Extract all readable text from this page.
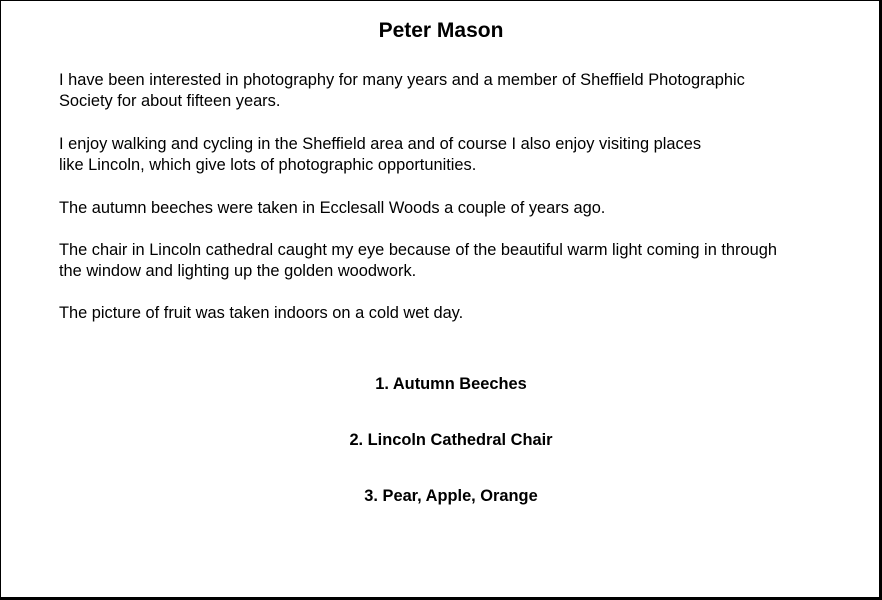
Peter Mason

I have been interested in photography for many years and a member of Sheffield Photographic
Society for about fifteen years.

I enjoy walking and cycling in the Sheffield area and of course I also enjoy visiting places
like Lincoln, which give lots of photographic opportunities.

The autumn beeches were taken in Ecclesall Woods a couple of years ago.

The chair in Lincoln cathedral caught my eye because of the beautiful warm light coming in through
the window and lighting up the golden woodwork.

The picture of fruit was taken indoors on a cold wet day.

1. Autumn Beeches
2. Lincoln Cathedral Chair
3. Pear, Apple, Orange
